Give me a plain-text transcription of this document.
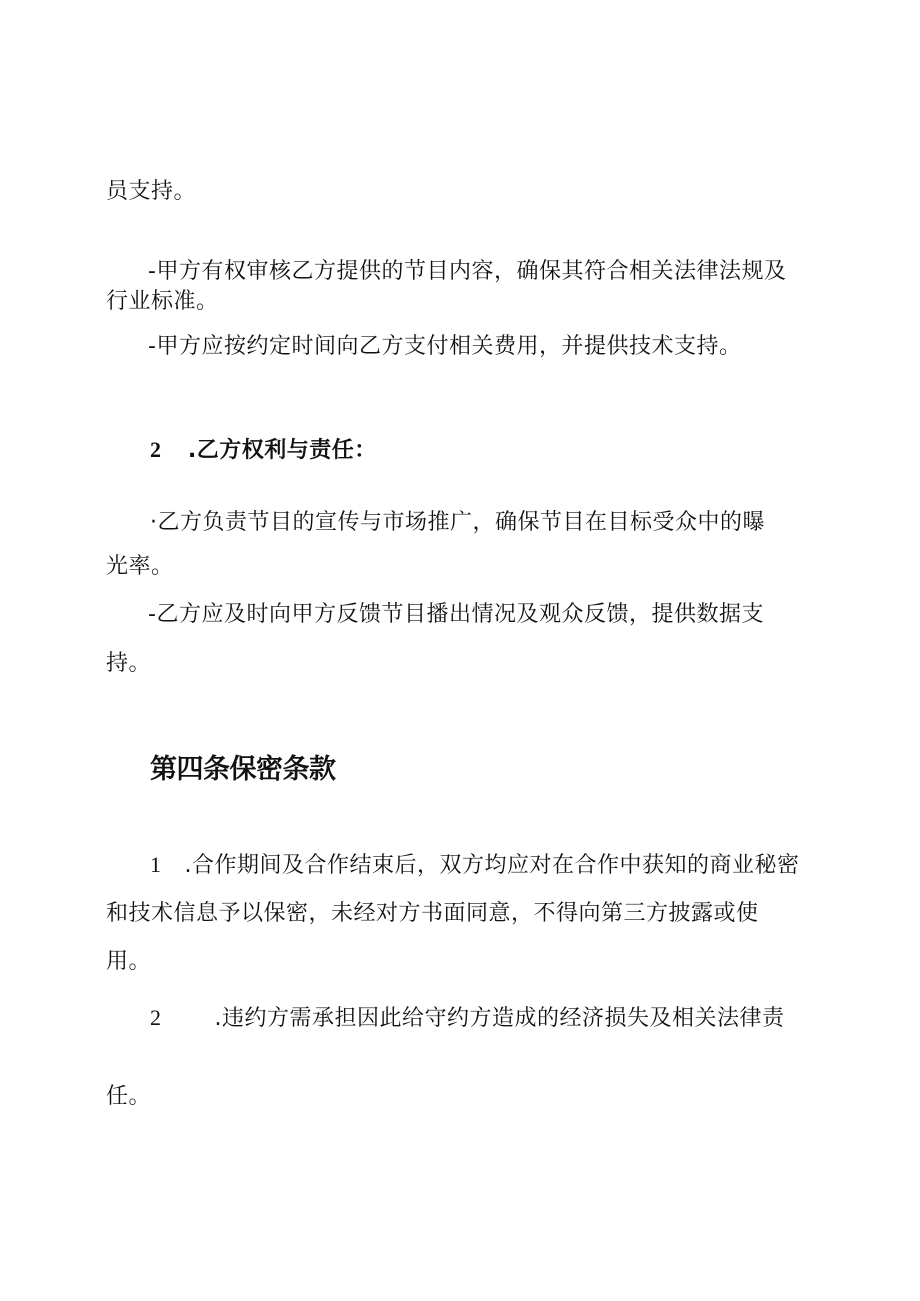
员支持。
-甲方有权审核乙方提供的节目内容，确保其符合相关法律法规及
行业标准。
-甲方应按约定时间向乙方支付相关费用，并提供技术支持。
2 .乙方权利与责任：
·乙方负责节目的宣传与市场推广，确保节目在目标受众中的曝
光率。
-乙方应及时向甲方反馈节目播出情况及观众反馈，提供数据支
持。
第四条保密条款
1 .合作期间及合作结束后，双方均应对在合作中获知的商业秘密
和技术信息予以保密，未经对方书面同意，不得向第三方披露或使
用。
2 .违约方需承担因此给守约方造成的经济损失及相关法律责
任。
